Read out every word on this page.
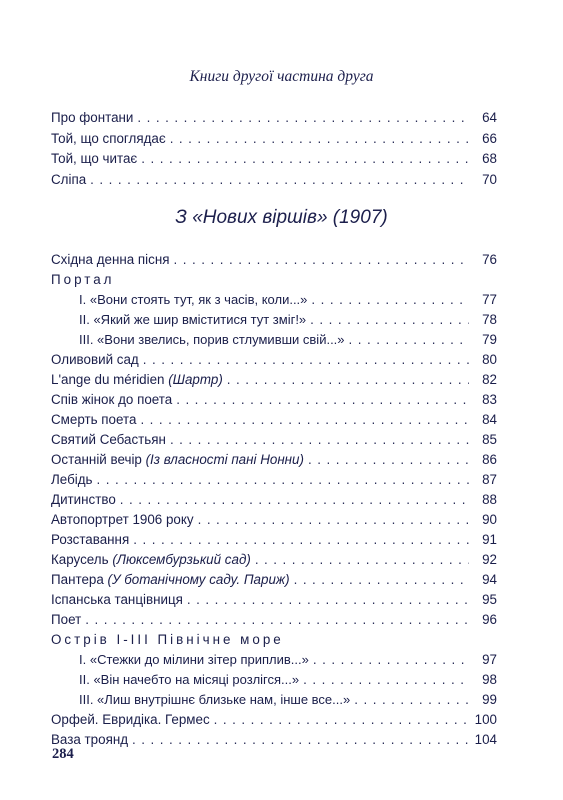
Книги другої частина друга
Про фонтани . . .	64
Той, що споглядає . . .	66
Той, що читає . . .	68
Сліпа . . .	70
З «Нових віршів» (1907)
Східна денна пісня . . .	76
Портал
I. «Вони стоять тут, як з часів, коли...» . . .	77
II. «Який же шир вміститися тут зміг!» . . .	78
III. «Вони звелись, порив стлумивши свій...» . . .	79
Оливовий сад . . .	80
L'ange du méridien (Шартр) . . .	82
Спів жінок до поета . . .	83
Смерть поета . . .	84
Святий Себастьян . . .	85
Останній вечір (Із власності пані Нонни) . . .	86
Лебідь . . .	87
Дитинство . . .	88
Автопортрет 1906 року . . .	90
Розставання . . .	91
Карусель (Люксембурзький сад) . . .	92
Пантера (У ботанічному саду. Париж) . . .	94
Іспанська танцівниця . . .	95
Поет . . .	96
Острів I-III Північне море
I. «Стежки до мілини зітер приплив...» . . .	97
II. «Він начебто на місяці розлігся...» . . .	98
III. «Лиш внутрішнє близьке нам, інше все...» . . .	99
Орфей. Евридіка. Гермес . . .	100
Ваза троянд . . .	104
284
